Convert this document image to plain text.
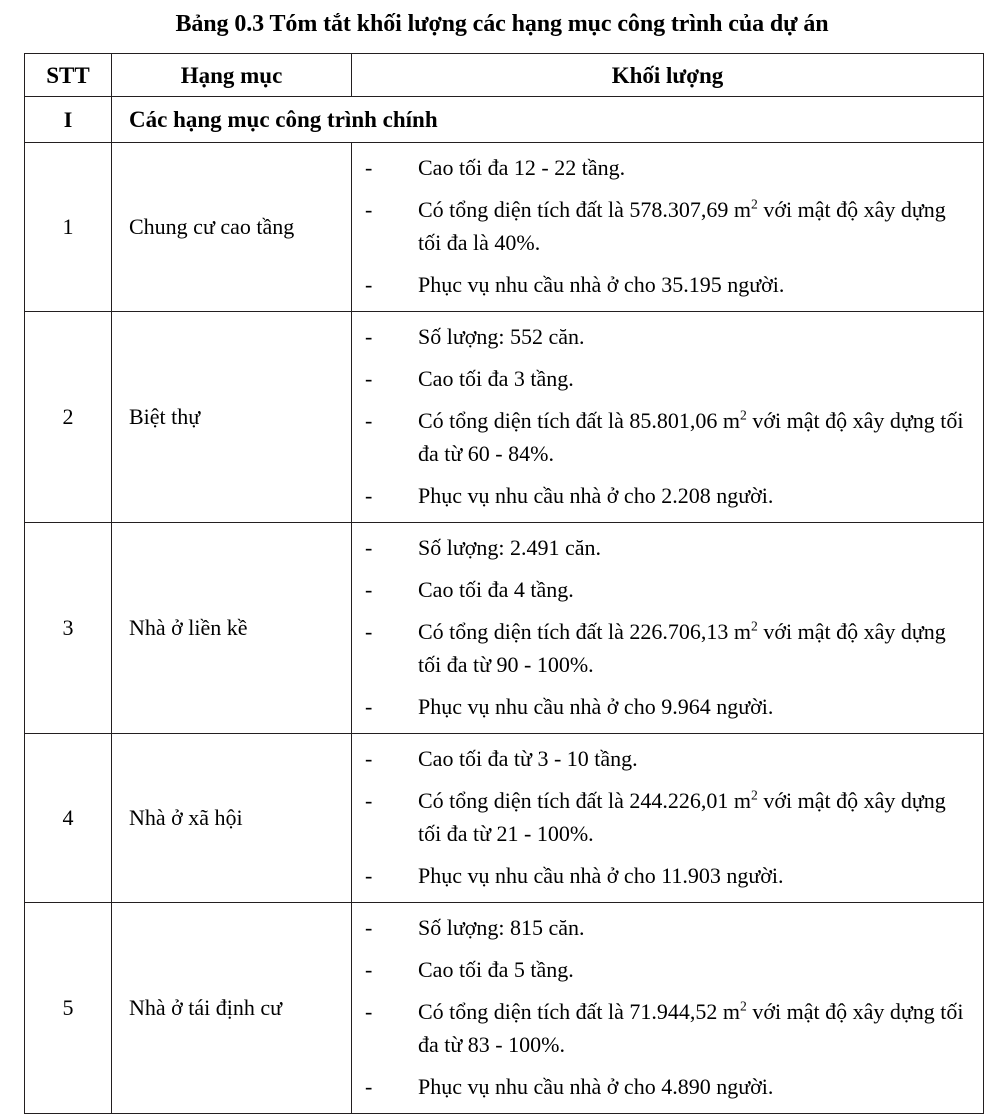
Bảng 0.3 Tóm tắt khối lượng các hạng mục công trình của dự án
STT	Hạng mục	Khối lượng
I	Các hạng mục công trình chính	
1	Chung cư cao tầng	
-	Cao tối đa 12 - 22 tầng.
-	Có tổng diện tích đất là 578.307,69 $m^2$ với mật độ xây dựng tối đa là 40%.
-	Phục vụ nhu cầu nhà ở cho 35.195 người.

2	Biệt thự	
-	Số lượng: 552 căn.
-	Cao tối đa 3 tầng.
-	Có tổng diện tích đất là 85.801,06 $m^2$ với mật độ xây dựng tối đa từ 60 - 84%.
-	Phục vụ nhu cầu nhà ở cho 2.208 người.

3	Nhà ở liền kề	
-	Số lượng: 2.491 căn.
-	Cao tối đa 4 tầng.
-	Có tổng diện tích đất là 226.706,13 $m^2$ với mật độ xây dựng tối đa từ 90 - 100%.
-	Phục vụ nhu cầu nhà ở cho 9.964 người.

4	Nhà ở xã hội	
-	Cao tối đa từ 3 - 10 tầng.
-	Có tổng diện tích đất là 244.226,01 $m^2$ với mật độ xây dựng tối đa từ 21 - 100%.
-	Phục vụ nhu cầu nhà ở cho 11.903 người.

5	Nhà ở tái định cư	
-	Số lượng: 815 căn.
-	Cao tối đa 5 tầng.
-	Có tổng diện tích đất là 71.944,52 $m^2$ với mật độ xây dựng tối đa từ 83 - 100%.
-	Phục vụ nhu cầu nhà ở cho 4.890 người.
